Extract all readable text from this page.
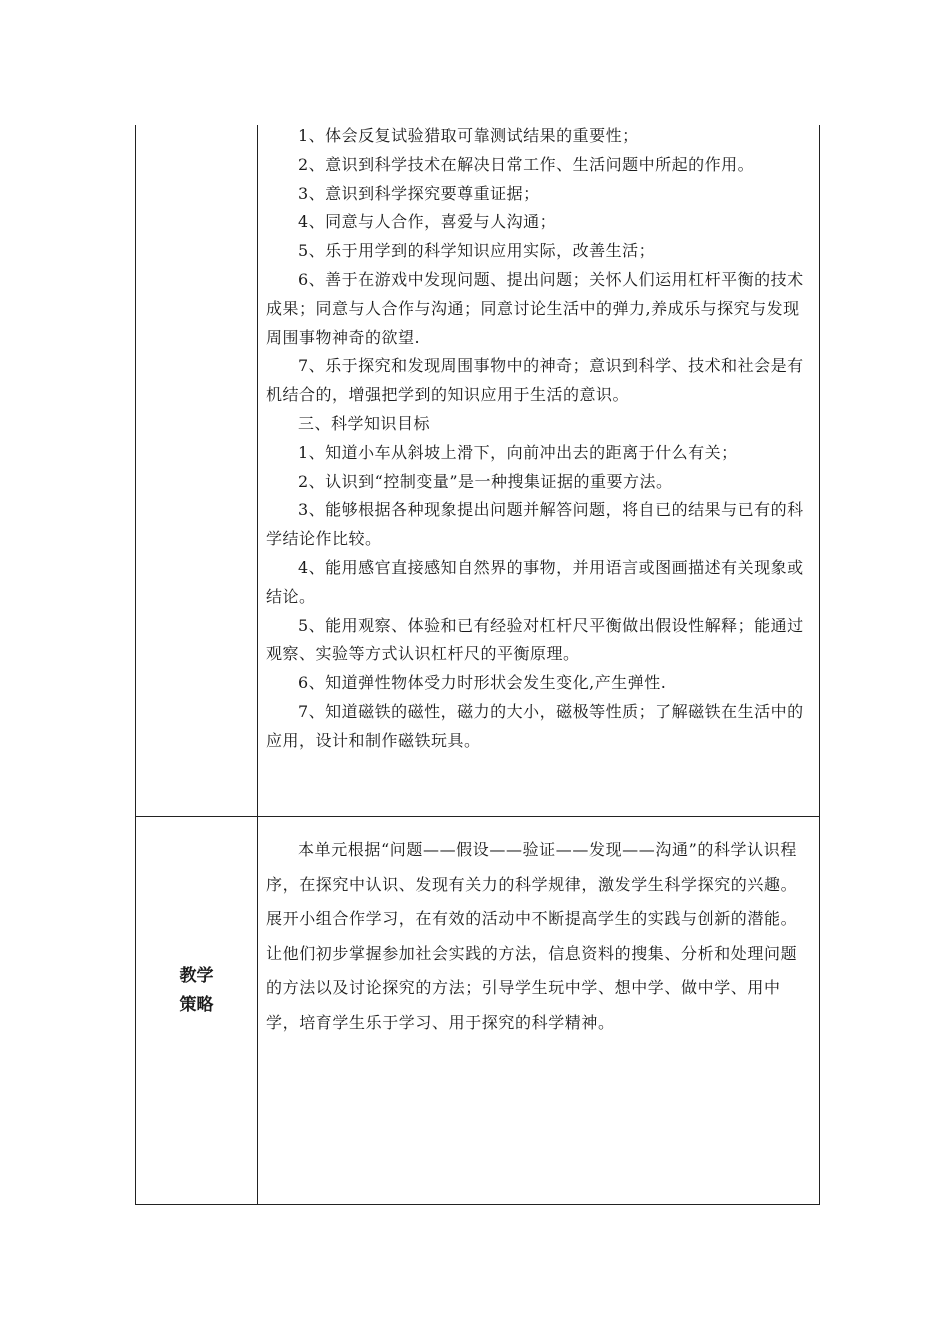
1、体会反复试验猎取可靠测试结果的重要性；

2、意识到科学技术在解决日常工作、生活问题中所起的作用。

3、意识到科学探究要尊重证据；

4、同意与人合作，喜爱与人沟通；

5、乐于用学到的科学知识应用实际，改善生活；

6、善于在游戏中发现问题、提出问题；关怀人们运用杠杆平衡的技术成果；同意与人合作与沟通；同意讨论生活中的弹力,养成乐与探究与发现周围事物神奇的欲望.

7、乐于探究和发现周围事物中的神奇；意识到科学、技术和社会是有机结合的，增强把学到的知识应用于生活的意识。

三、科学知识目标

1、知道小车从斜坡上滑下，向前冲出去的距离于什么有关；

2、认识到“控制变量”是一种搜集证据的重要方法。

3、能够根据各种现象提出问题并解答问题，将自已的结果与已有的科学结论作比较。

4、能用感官直接感知自然界的事物，并用语言或图画描述有关现象或结论。

5、能用观察、体验和已有经验对杠杆尺平衡做出假设性解释；能通过观察、实验等方式认识杠杆尺的平衡原理。

6、知道弹性物体受力时形状会发生变化,产生弹性.

7、知道磁铁的磁性，磁力的大小，磁极等性质；了解磁铁在生活中的应用，设计和制作磁铁玩具。

教学
策略

本单元根据“问题——假设——验证——发现——沟通”的科学认识程序，在探究中认识、发现有关力的科学规律，激发学生科学探究的兴趣。展开小组合作学习，在有效的活动中不断提高学生的实践与创新的潜能。让他们初步掌握参加社会实践的方法，信息资料的搜集、分析和处理问题的方法以及讨论探究的方法；引导学生玩中学、想中学、做中学、用中学，培育学生乐于学习、用于探究的科学精神。
